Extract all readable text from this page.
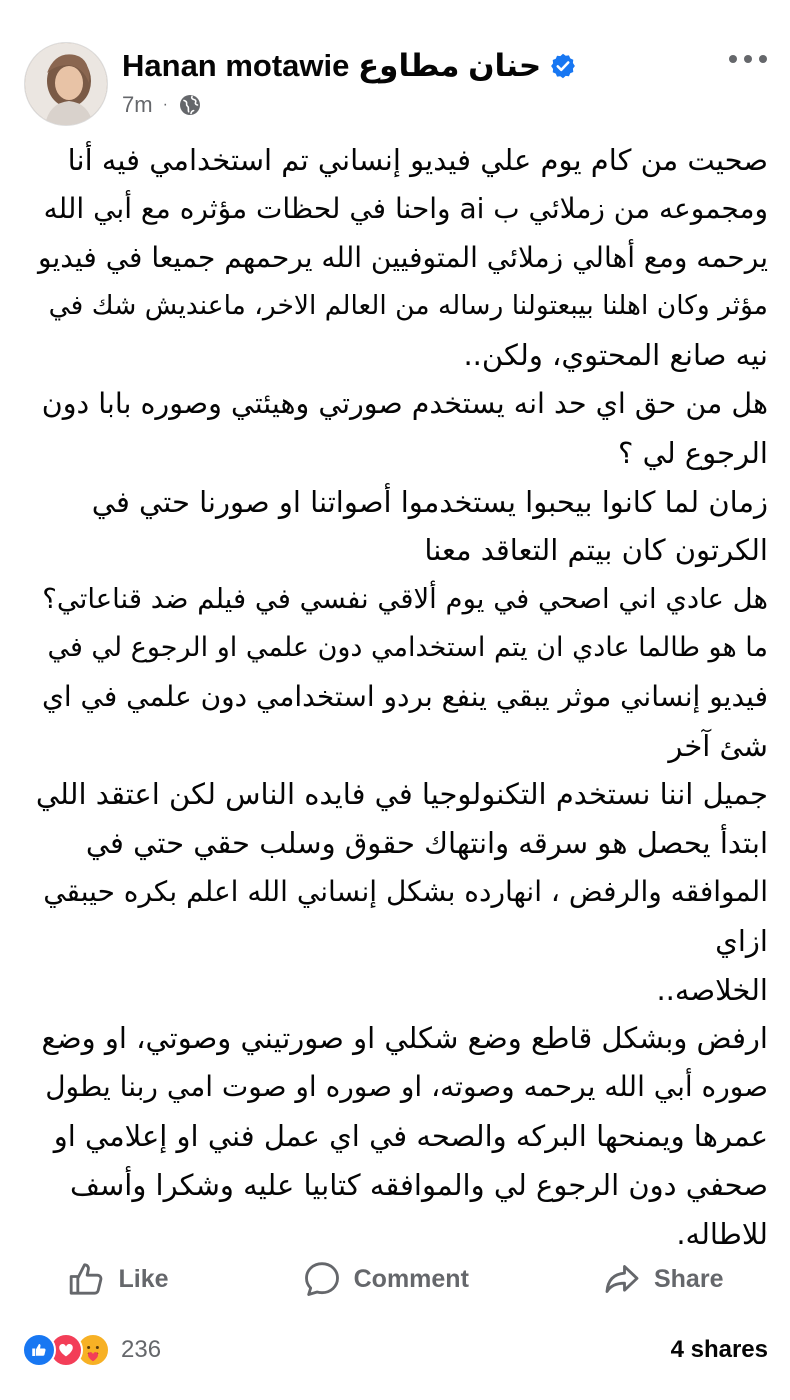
Hanan motawie حنان مطاوع
7m ·
صحيت من كام يوم علي فيديو إنساني تم استخدامي فيه أنا
ومجموعه من زملائي ب ai واحنا في لحظات مؤثره مع أبي الله
يرحمه ومع أهالي زملائي المتوفيين الله يرحمهم جميعا في فيديو
مؤثر وكان اهلنا بيبعتولنا رساله من العالم الاخر، ماعنديش شك في
نيه صانع المحتوي، ولكن..
هل من حق اي حد انه يستخدم صورتي وهيئتي وصوره بابا دون
الرجوع لي ؟
زمان لما كانوا بيحبوا يستخدموا أصواتنا او صورنا حتي في
الكرتون كان بيتم التعاقد معنا
هل عادي اني اصحي في يوم ألاقي نفسي في فيلم ضد قناعاتي؟
ما هو طالما عادي ان يتم استخدامي دون علمي او الرجوع لي في
فيديو إنساني موثر يبقي ينفع بردو استخدامي دون علمي في اي
شئ آخر
جميل اننا نستخدم التكنولوجيا في فايده الناس لكن اعتقد اللي
ابتدأ يحصل هو سرقه وانتهاك حقوق وسلب حقي حتي في
الموافقه والرفض ، انهارده بشكل إنساني الله اعلم بكره حيبقي
ازاي
الخلاصه..
ارفض وبشكل قاطع وضع شكلي او صورتيني وصوتي، او وضع
صوره أبي الله يرحمه وصوته، او صوره او صوت امي ربنا يطول
عمرها ويمنحها البركه والصحه في اي عمل فني او إعلامي او
صحفي دون الرجوع لي والموافقه كتابيا عليه وشكرا وأسف
للاطاله.
Like	Comment	Share
236	4 shares
